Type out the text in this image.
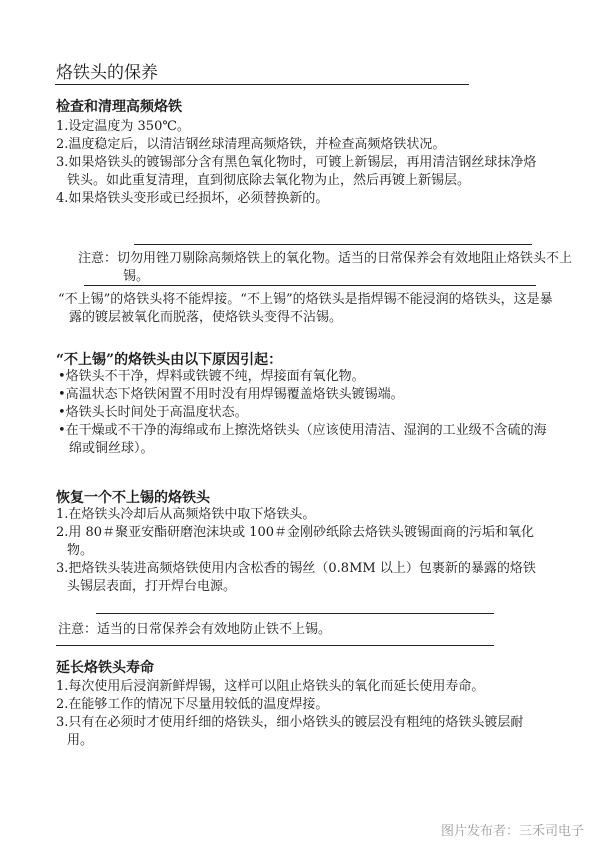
烙铁头的保养
检查和清理高频烙铁
1.设定温度为 350℃。
2.温度稳定后，以清洁钢丝球清理高频烙铁，并检查高频烙铁状况。
3.如果烙铁头的镀锡部分含有黑色氧化物时，可镀上新锡层，再用清洁钢丝球抹净烙铁头。如此重复清理，直到彻底除去氧化物为止，然后再镀上新锡层。
4.如果烙铁头变形或已经损坏，必须替换新的。

注意：切勿用锉刀剔除高频烙铁上的氧化物。适当的日常保养会有效地阻止烙铁头不上锡。

“不上锡”的烙铁头将不能焊接。“不上锡”的烙铁头是指焊锡不能浸润的烙铁头，这是暴露的镀层被氧化而脱落，使烙铁头变得不沾锡。

“不上锡”的烙铁头由以下原因引起：
•烙铁头不干净，焊料或铁镀不纯，焊接面有氧化物。
•高温状态下烙铁闲置不用时没有用焊锡覆盖烙铁头镀锡端。
•烙铁头长时间处于高温度状态。
•在干燥或不干净的海绵或布上擦洗烙铁头（应该使用清洁、湿润的工业级不含硫的海绵或铜丝球）。
恢复一个不上锡的烙铁头
1.在烙铁头冷却后从高频烙铁中取下烙铁头。
2.用 80＃聚亚安酯研磨泡沫块或 100＃金刚砂纸除去烙铁头镀锡面商的污垢和氧化物。
3.把烙铁头装进高频烙铁使用内含松香的锡丝（0.8MM 以上）包裹新的暴露的烙铁头锡层表面，打开焊台电源。

注意：适当的日常保养会有效地防止铁不上锡。

延长烙铁头寿命
1.每次使用后浸润新鲜焊锡，这样可以阻止烙铁头的氧化而延长使用寿命。
2.在能够工作的情况下尽量用较低的温度焊接。
3.只有在必须时才使用纤细的烙铁头，细小烙铁头的镀层没有粗纯的烙铁头镀层耐用。
图片发布者：三禾司电子
